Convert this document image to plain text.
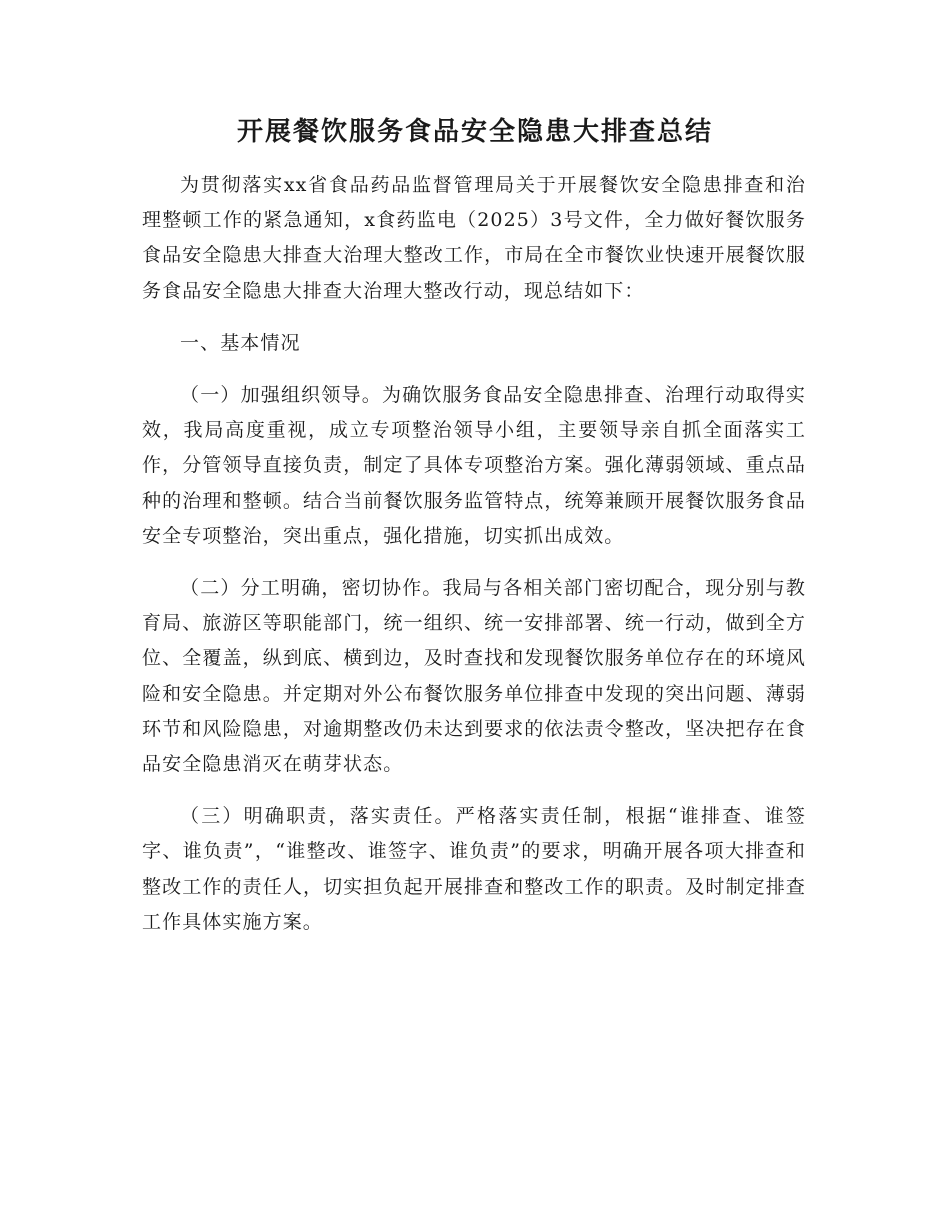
开展餐饮服务食品安全隐患大排查总结

为贯彻落实xx省食品药品监督管理局关于开展餐饮安全隐患排查和治理整顿工作的紧急通知，x食药监电（2025）3号文件，全力做好餐饮服务食品安全隐患大排查大治理大整改工作，市局在全市餐饮业快速开展餐饮服务食品安全隐患大排查大治理大整改行动，现总结如下：

一、基本情况

（一）加强组织领导。为确饮服务食品安全隐患排查、治理行动取得实效，我局高度重视，成立专项整治领导小组，主要领导亲自抓全面落实工作，分管领导直接负责，制定了具体专项整治方案。强化薄弱领域、重点品种的治理和整顿。结合当前餐饮服务监管特点，统筹兼顾开展餐饮服务食品安全专项整治，突出重点，强化措施，切实抓出成效。

（二）分工明确，密切协作。我局与各相关部门密切配合，现分别与教育局、旅游区等职能部门，统一组织、统一安排部署、统一行动，做到全方位、全覆盖，纵到底、横到边，及时查找和发现餐饮服务单位存在的环境风险和安全隐患。并定期对外公布餐饮服务单位排查中发现的突出问题、薄弱环节和风险隐患，对逾期整改仍未达到要求的依法责令整改，坚决把存在食品安全隐患消灭在萌芽状态。

（三）明确职责，落实责任。严格落实责任制，根据“谁排查、谁签字、谁负责”，“谁整改、谁签字、谁负责”的要求，明确开展各项大排查和整改工作的责任人，切实担负起开展排查和整改工作的职责。及时制定排查工作具体实施方案。
